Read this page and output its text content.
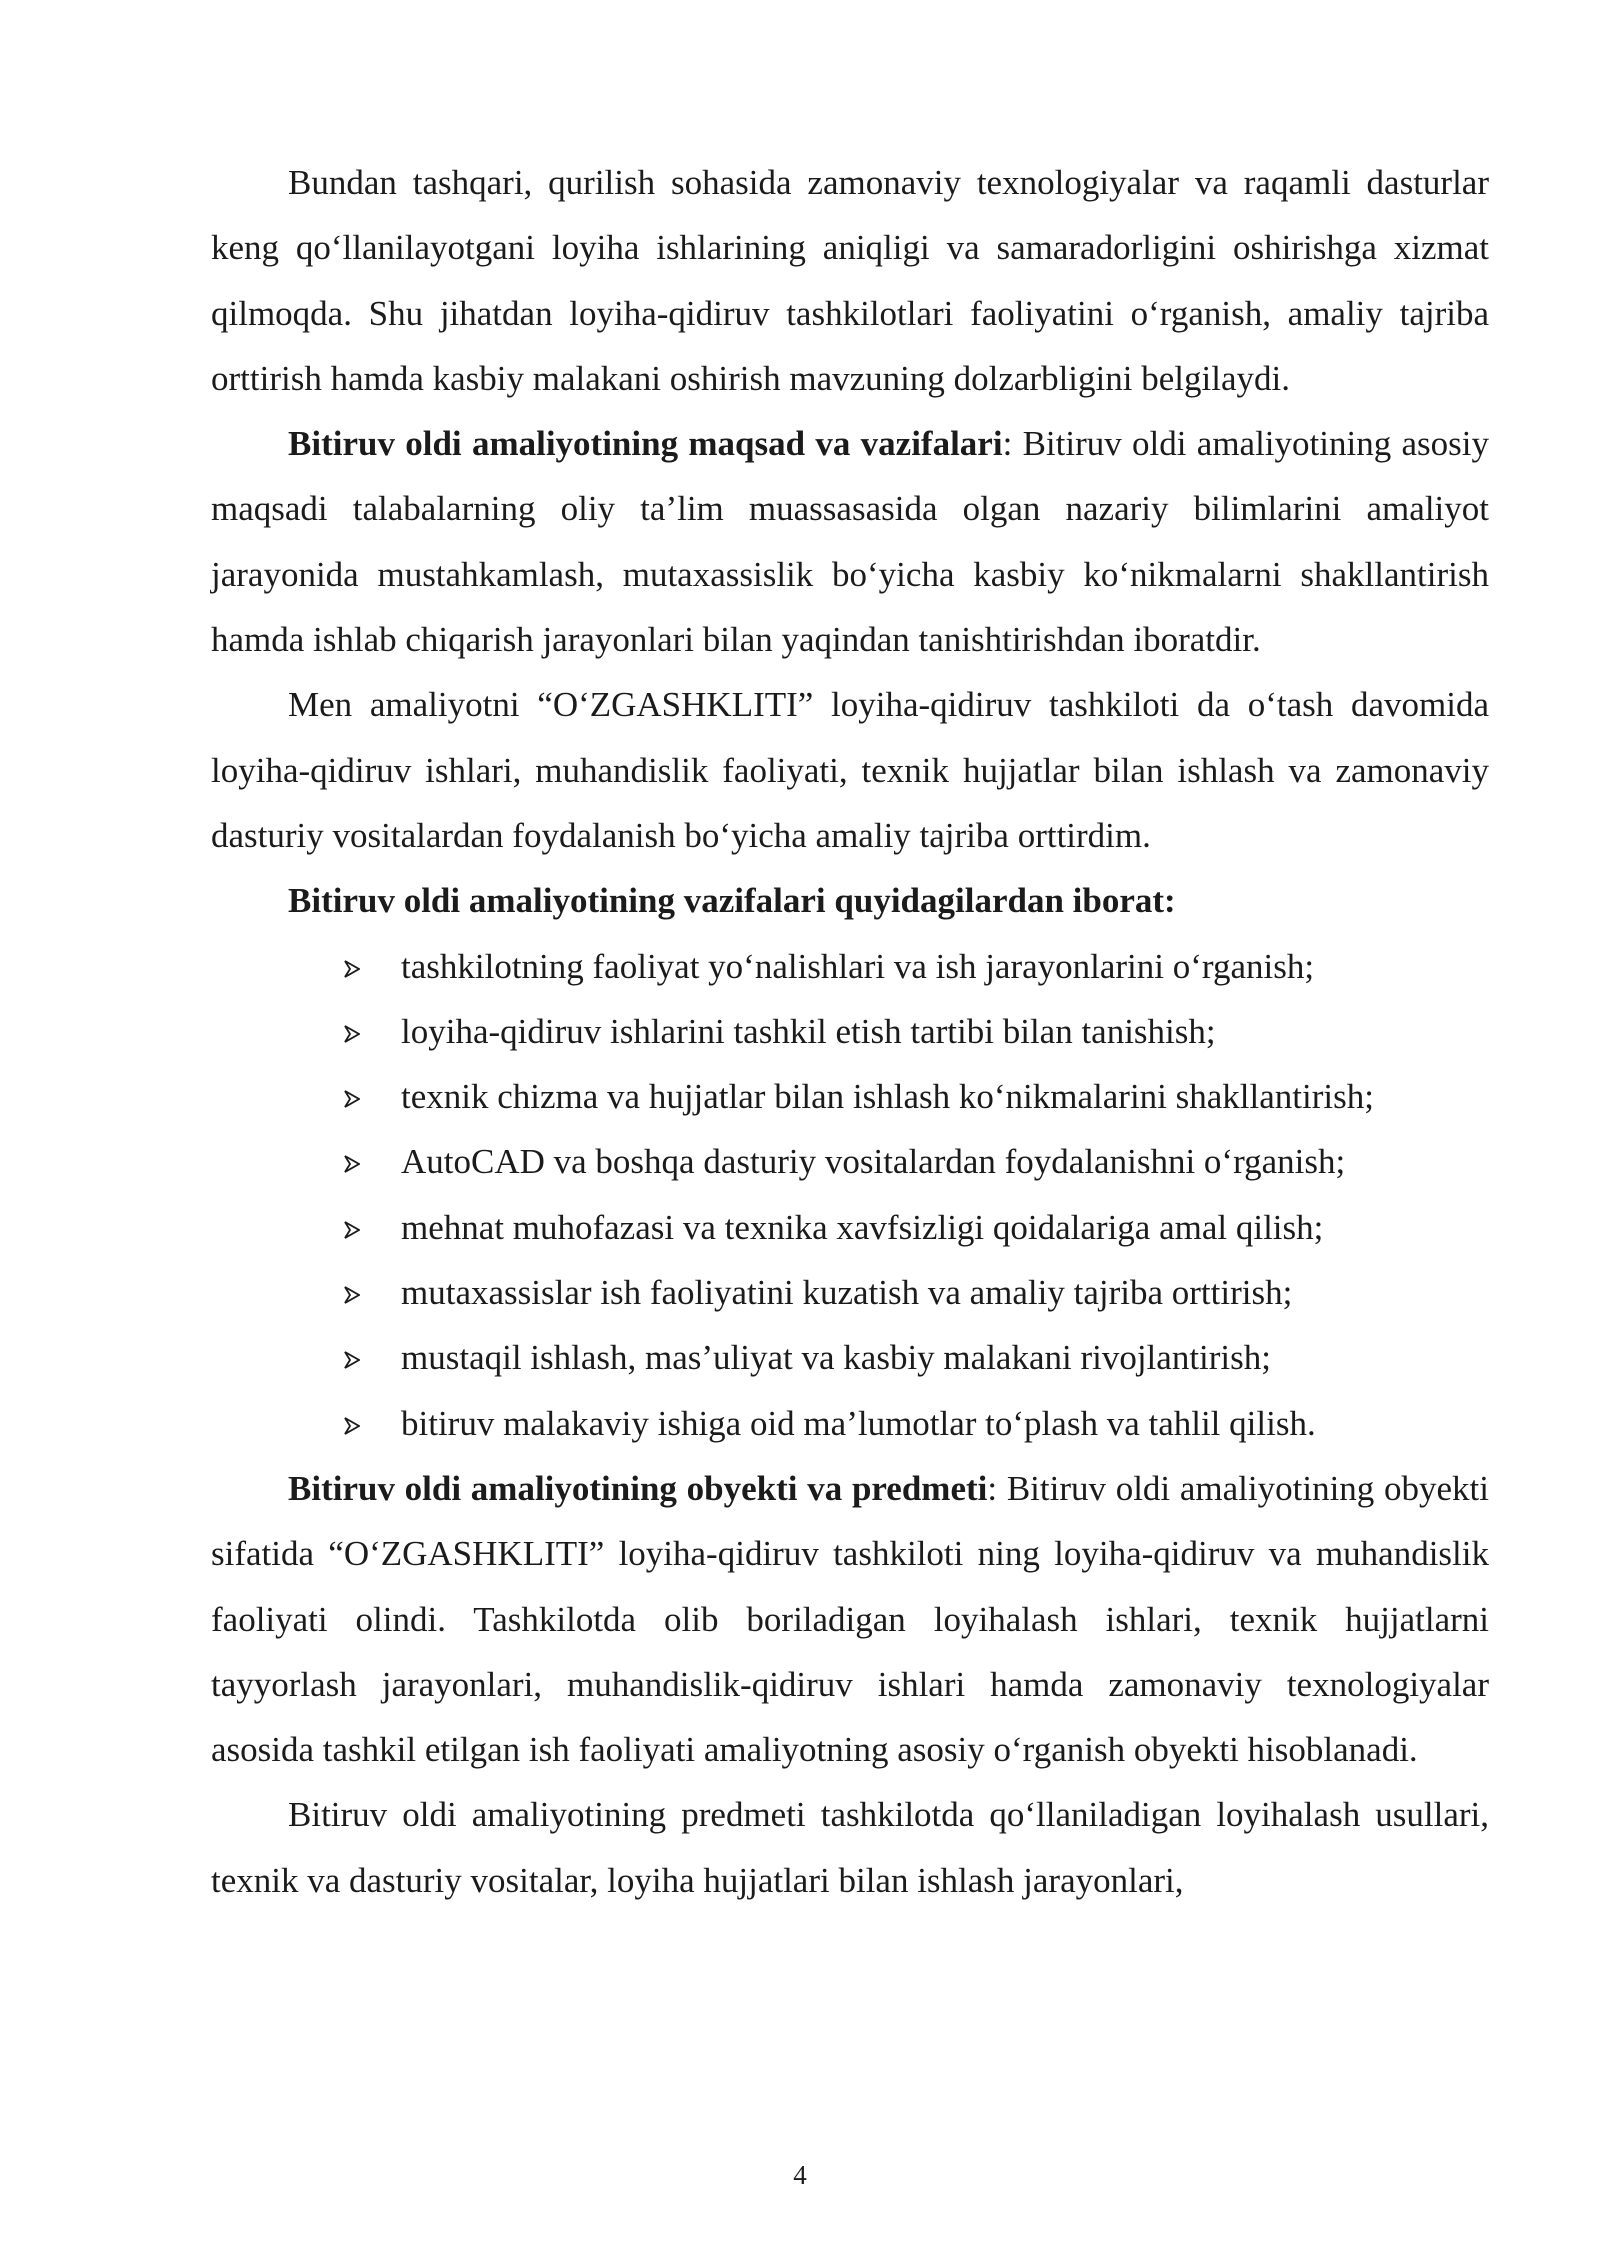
Bundan tashqari, qurilish sohasida zamonaviy texnologiyalar va raqamli dasturlar keng qo‘llanilayotgani loyiha ishlarining aniqligi va samaradorligini oshirishga xizmat qilmoqda. Shu jihatdan loyiha-qidiruv tashkilotlari faoliyatini o‘rganish, amaliy tajriba orttirish hamda kasbiy malakani oshirish mavzuning dolzarbligini belgilaydi.

Bitiruv oldi amaliyotining maqsad va vazifalari: Bitiruv oldi amaliyotining asosiy maqsadi talabalarning oliy ta’lim muassasasida olgan nazariy bilimlarini amaliyot jarayonida mustahkamlash, mutaxassislik bo‘yicha kasbiy ko‘nikmalarni shakllantirish hamda ishlab chiqarish jarayonlari bilan yaqindan tanishtirishdan iboratdir.

Men amaliyotni “O‘ZGASHKLITI” loyiha-qidiruv tashkiloti da o‘tash davomida loyiha-qidiruv ishlari, muhandislik faoliyati, texnik hujjatlar bilan ishlash va zamonaviy dasturiy vositalardan foydalanish bo‘yicha amaliy tajriba orttirdim.

Bitiruv oldi amaliyotining vazifalari quyidagilardan iborat:

tashkilotning faoliyat yo‘nalishlari va ish jarayonlarini o‘rganish;
loyiha-qidiruv ishlarini tashkil etish tartibi bilan tanishish;
texnik chizma va hujjatlar bilan ishlash ko‘nikmalarini shakllantirish;
AutoCAD va boshqa dasturiy vositalardan foydalanishni o‘rganish;
mehnat muhofazasi va texnika xavfsizligi qoidalariga amal qilish;
mutaxassislar ish faoliyatini kuzatish va amaliy tajriba orttirish;
mustaqil ishlash, mas’uliyat va kasbiy malakani rivojlantirish;
bitiruv malakaviy ishiga oid ma’lumotlar to‘plash va tahlil qilish.

Bitiruv oldi amaliyotining obyekti va predmeti: Bitiruv oldi amaliyotining obyekti sifatida “O‘ZGASHKLITI” loyiha-qidiruv tashkiloti ning loyiha-qidiruv va muhandislik faoliyati olindi. Tashkilotda olib boriladigan loyihalash ishlari, texnik hujjatlarni tayyorlash jarayonlari, muhandislik-qidiruv ishlari hamda zamonaviy texnologiyalar asosida tashkil etilgan ish faoliyati amaliyotning asosiy o‘rganish obyekti hisoblanadi.

Bitiruv oldi amaliyotining predmeti tashkilotda qo‘llaniladigan loyihalash usullari, texnik va dasturiy vositalar, loyiha hujjatlari bilan ishlash jarayonlari,

4
